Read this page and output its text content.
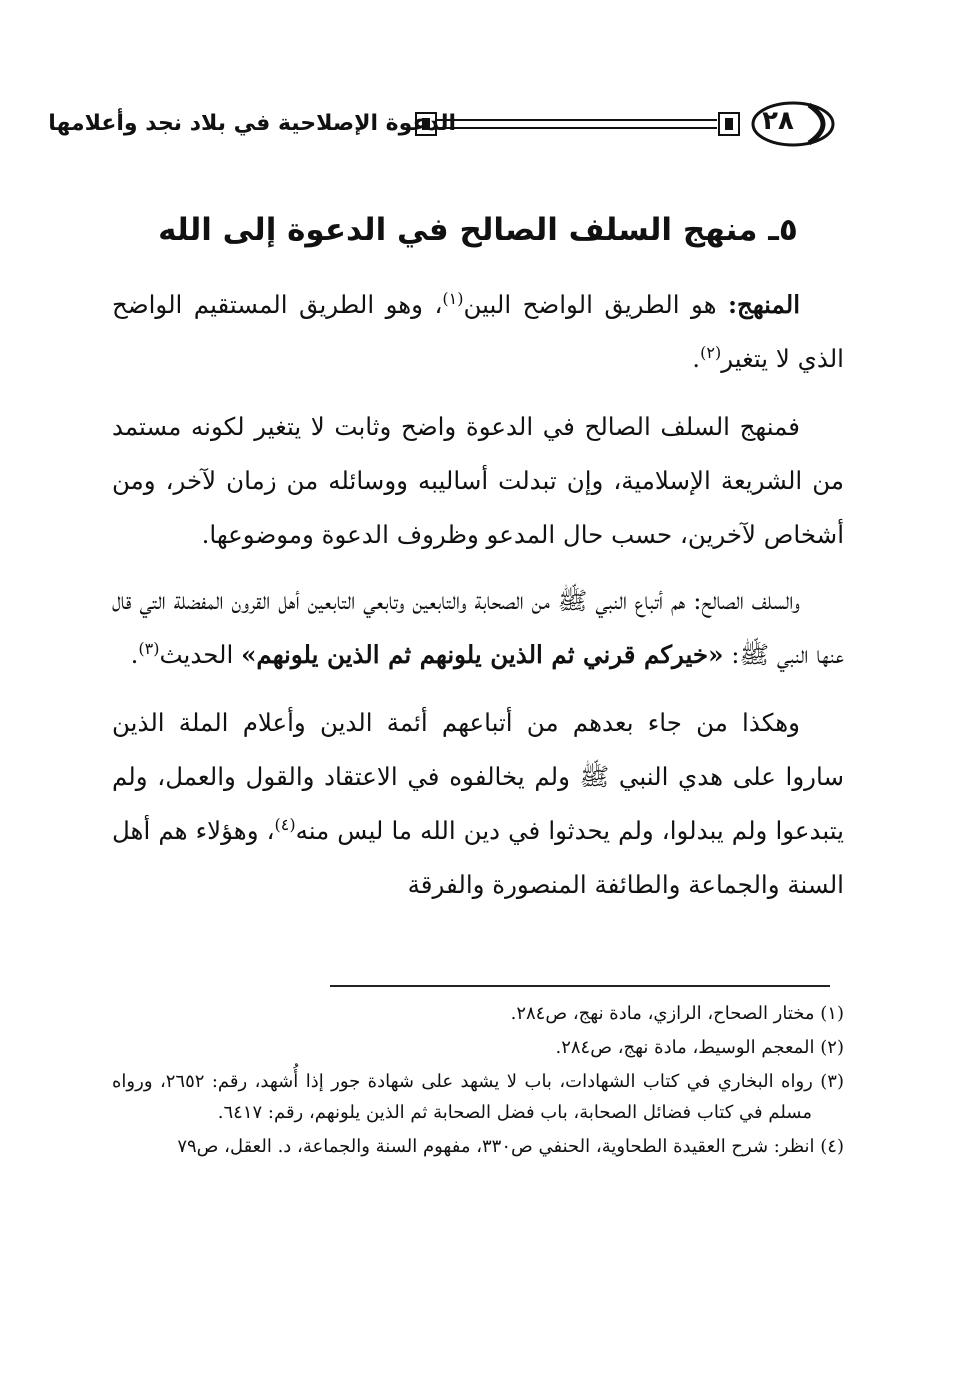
الدعوة الإصلاحية في بلاد نجد وأعلامها	٢٨
٥ـ منهج السلف الصالح في الدعوة إلى الله

المنهج: هو الطريق الواضح البين$^{(١)}$، وهو الطريق المستقيم الواضح الذي لا يتغير$^{(٢)}$.

فمنهج السلف الصالح في الدعوة واضح وثابت لا يتغير لكونه مستمد من الشريعة الإسلامية، وإن تبدلت أساليبه ووسائله من زمان لآخر، ومن أشخاص لآخرين، حسب حال المدعو وظروف الدعوة وموضوعها.

والسلف الصالح: هم أتباع النبي ﷺ من الصحابة والتابعين وتابعي التابعين أهل القرون المفضلة التي قال عنها النبي ﷺ: «خيركم قرني ثم الذين يلونهم ثم الذين يلونهم» الحديث$^{(٣)}$.

وهكذا من جاء بعدهم من أتباعهم أئمة الدين وأعلام الملة الذين ساروا على هدي النبي ﷺ ولم يخالفوه في الاعتقاد والقول والعمل، ولم يتبدعوا ولم يبدلوا، ولم يحدثوا في دين الله ما ليس منه$^{(٤)}$، وهؤلاء هم أهل السنة والجماعة والطائفة المنصورة والفرقة

(١) مختار الصحاح، الرازي، مادة نهج، ص٢٨٤.

(٢) المعجم الوسيط، مادة نهج، ص٢٨٤.

(٣) رواه البخاري في كتاب الشهادات، باب لا يشهد على شهادة جور إذا أُشهد، رقم: ٢٦٥٢، ورواه مسلم في كتاب فضائل الصحابة، باب فضل الصحابة ثم الذين يلونهم، رقم: ٦٤١٧.

(٤) انظر: شرح العقيدة الطحاوية، الحنفي ص٣٣٠، مفهوم السنة والجماعة، د. العقل، ص٧٩
